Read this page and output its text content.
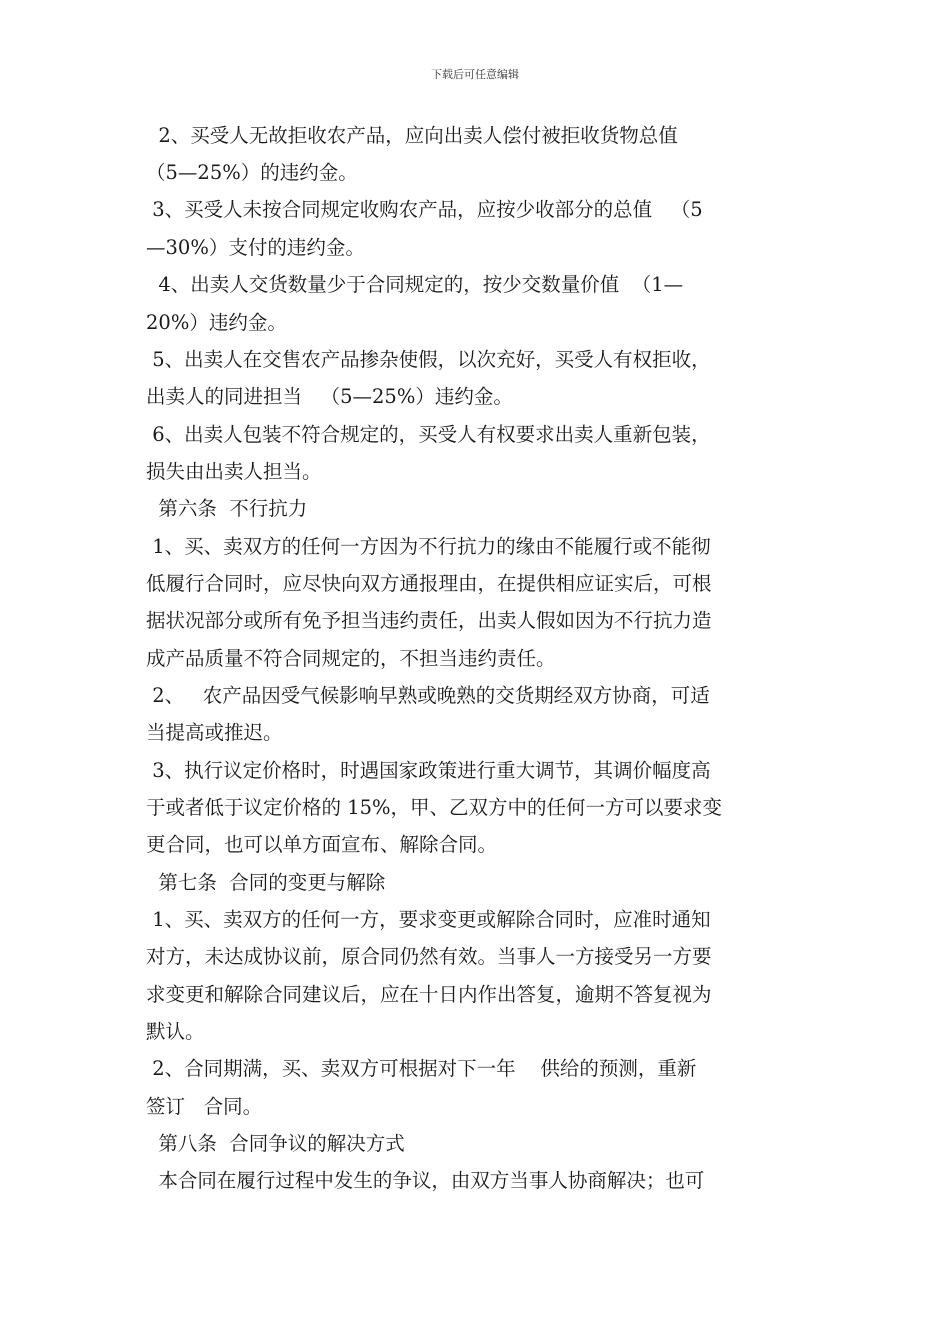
下载后可任意编辑
2、买受人无故拒收农产品，应向出卖人偿付被拒收货物总值
（5—25%）的违约金。
3、买受人未按合同规定收购农产品，应按少收部分的总值   （5
—30%）支付的违约金。
4、出卖人交货数量少于合同规定的，按少交数量价值  （1—
20%）违约金。
5、出卖人在交售农产品掺杂使假，以次充好，买受人有权拒收，
出卖人的同进担当   （5—25%）违约金。
6、出卖人包装不符合规定的，买受人有权要求出卖人重新包装，
损失由出卖人担当。
第六条  不行抗力
1、买、卖双方的任何一方因为不行抗力的缘由不能履行或不能彻
低履行合同时，应尽快向双方通报理由，在提供相应证实后，可根
据状况部分或所有免予担当违约责任，出卖人假如因为不行抗力造
成产品质量不符合同规定的，不担当违约责任。
2、   农产品因受气候影响早熟或晚熟的交货期经双方协商，可适
当提高或推迟。
3、执行议定价格时，时遇国家政策进行重大调节，其调价幅度高
于或者低于议定价格的 15%，甲、乙双方中的任何一方可以要求变
更合同，也可以单方面宣布、解除合同。
第七条  合同的变更与解除
1、买、卖双方的任何一方，要求变更或解除合同时，应准时通知
对方，未达成协议前，原合同仍然有效。当事人一方接受另一方要
求变更和解除合同建议后，应在十日内作出答复，逾期不答复视为
默认。
2、合同期满，买、卖双方可根据对下一年    供给的预测，重新
签订   合同。
第八条  合同争议的解决方式
本合同在履行过程中发生的争议，由双方当事人协商解决；也可
